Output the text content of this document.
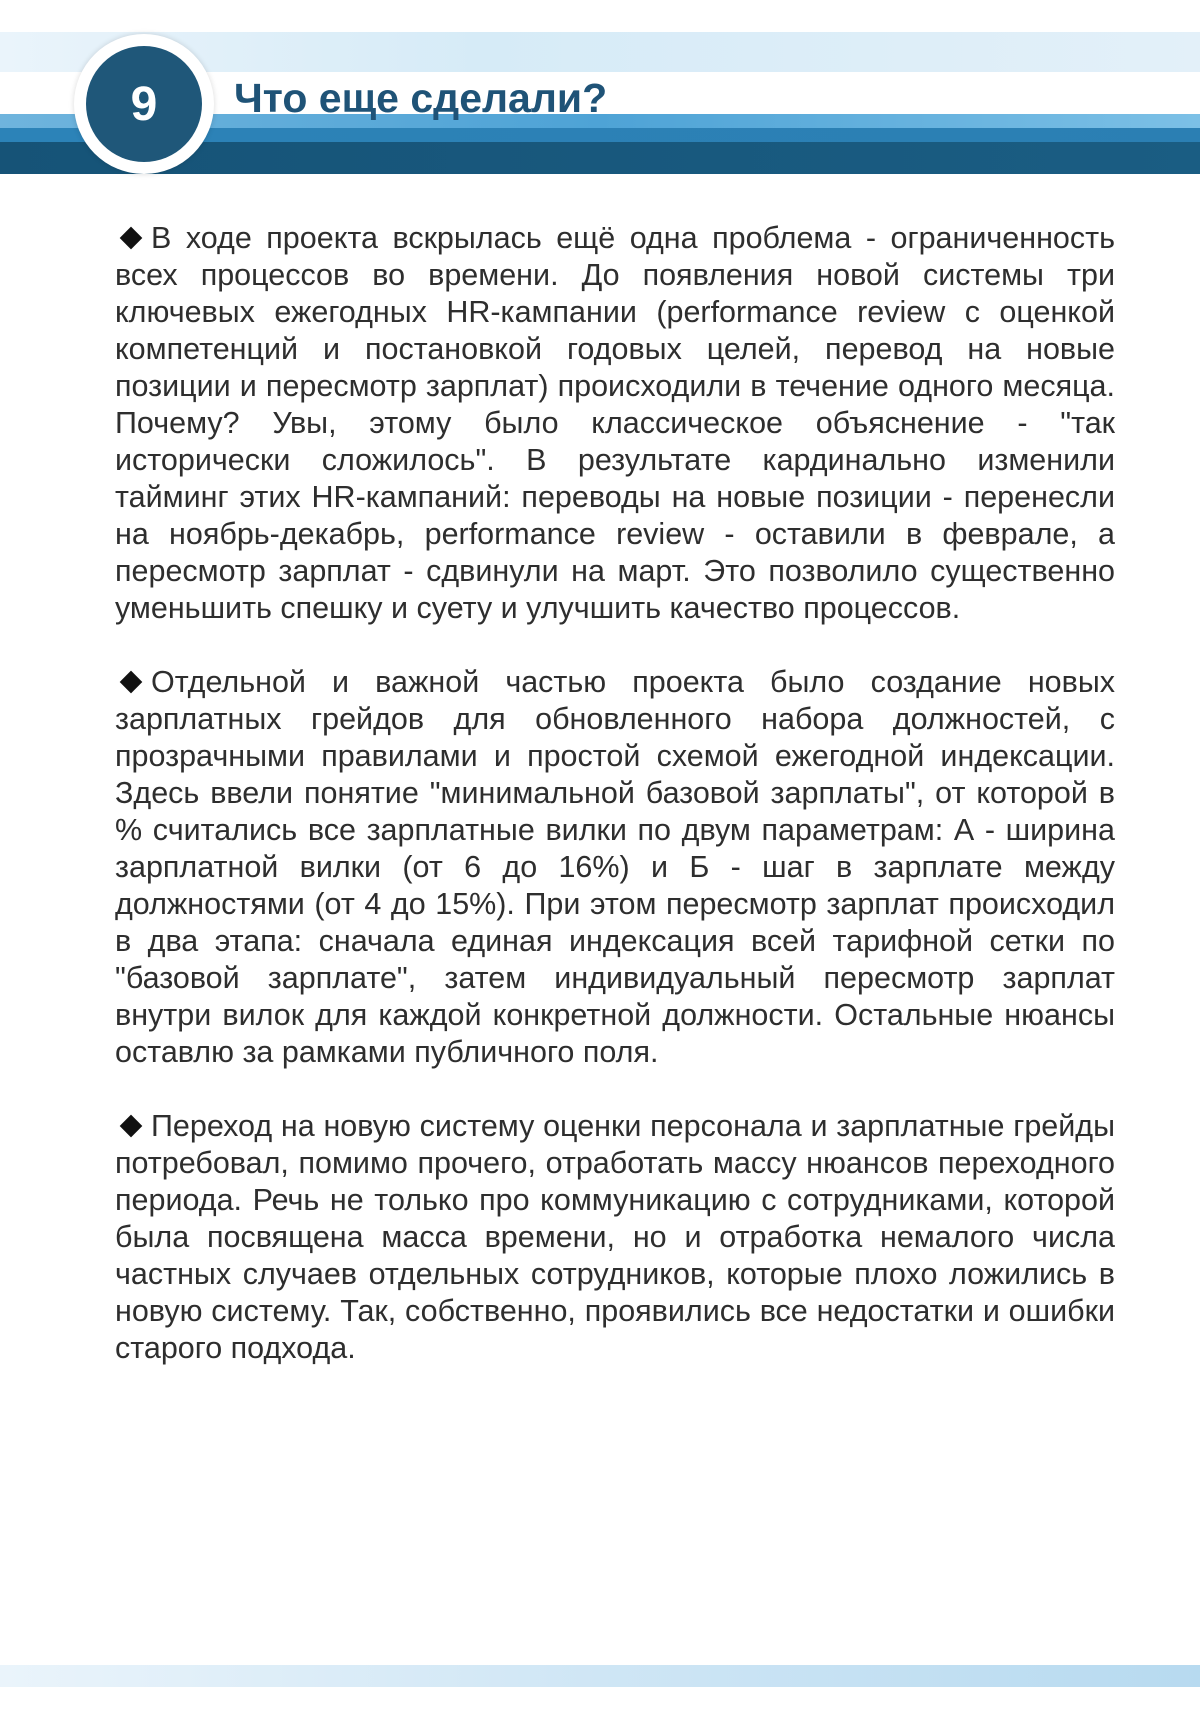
9 Что еще сделали?

В ходе проекта вскрылась ещё одна проблема - ограниченность всех процессов во времени. До появления новой системы три ключевых ежегодных HR-кампании (performance review с оценкой компетенций и постановкой годовых целей, перевод на новые позиции и пересмотр зарплат) происходили в течение одного месяца. Почему? Увы, этому было классическое объяснение - "так исторически сложилось". В результате кардинально изменили тайминг этих HR-кампаний: переводы на новые позиции - перенесли на ноябрь-декабрь, performance review - оставили в феврале, а пересмотр зарплат - сдвинули на март. Это позволило существенно уменьшить спешку и суету и улучшить качество процессов.

Отдельной и важной частью проекта было создание новых зарплатных грейдов для обновленного набора должностей, с прозрачными правилами и простой схемой ежегодной индексации. Здесь ввели понятие "минимальной базовой зарплаты", от которой в % считались все зарплатные вилки по двум параметрам: А - ширина зарплатной вилки (от 6 до 16%) и Б - шаг в зарплате между должностями (от 4 до 15%). При этом пересмотр зарплат происходил в два этапа: сначала единая индексация всей тарифной сетки по "базовой зарплате", затем индивидуальный пересмотр зарплат внутри вилок для каждой конкретной должности. Остальные нюансы оставлю за рамками публичного поля.

Переход на новую систему оценки персонала и зарплатные грейды потребовал, помимо прочего, отработать массу нюансов переходного периода. Речь не только про коммуникацию с сотрудниками, которой была посвящена масса времени, но и отработка немалого числа частных случаев отдельных сотрудников, которые плохо ложились в новую систему. Так, собственно, проявились все недостатки и ошибки старого подхода.
